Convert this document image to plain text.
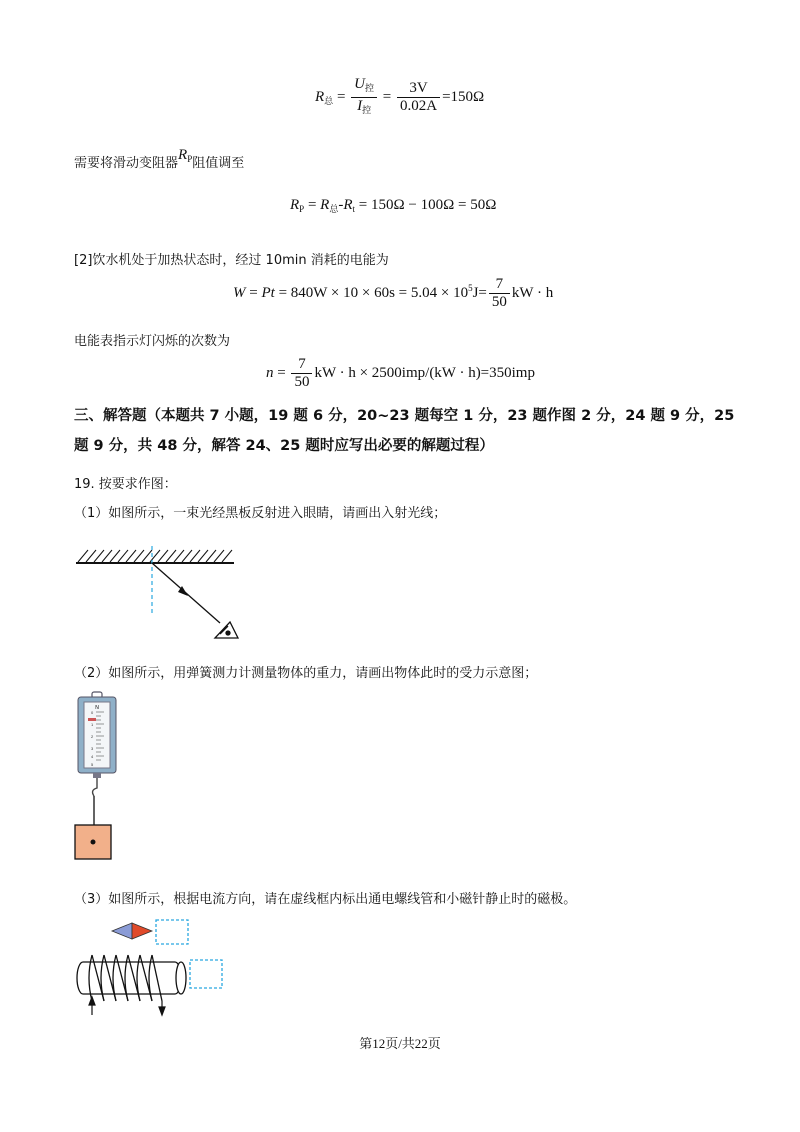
$R_总 = \frac{U_控}{I_控} = \frac{3V}{0.02A} =150\Omega$
需要将滑动变阻器$R_P$阻值调至
$R_P = R_总-R_t = 150\Omega - 100\Omega = 50\Omega$
[2]饮水机处于加热状态时，经过 10min 消耗的电能为
$W = Pt = 840W \times 10 \times 60s = 5.04 \times 10^5J= \frac{7}{50}$ kW · h
电能表指示灯闪烁的次数为
$n = \frac{7}{50}$ kW · h × 2500imp/(kW · h)=350imp
三、解答题（本题共 7 小题，19 题 6 分，20~23 题每空 1 分，23 题作图 2 分，24 题 9 分，25
题 9 分，共 48 分，解答 24、25 题时应写出必要的解题过程）
19. 按要求作图：
（1）如图所示，一束光经黑板反射进入眼睛，请画出入射光线；
（2）如图所示，用弹簧测力计测量物体的重力，请画出物体此时的受力示意图；
N
0
1
2
3
4
5
（3）如图所示，根据电流方向，请在虚线框内标出通电螺线管和小磁针静止时的磁极。
第12页/共22页
